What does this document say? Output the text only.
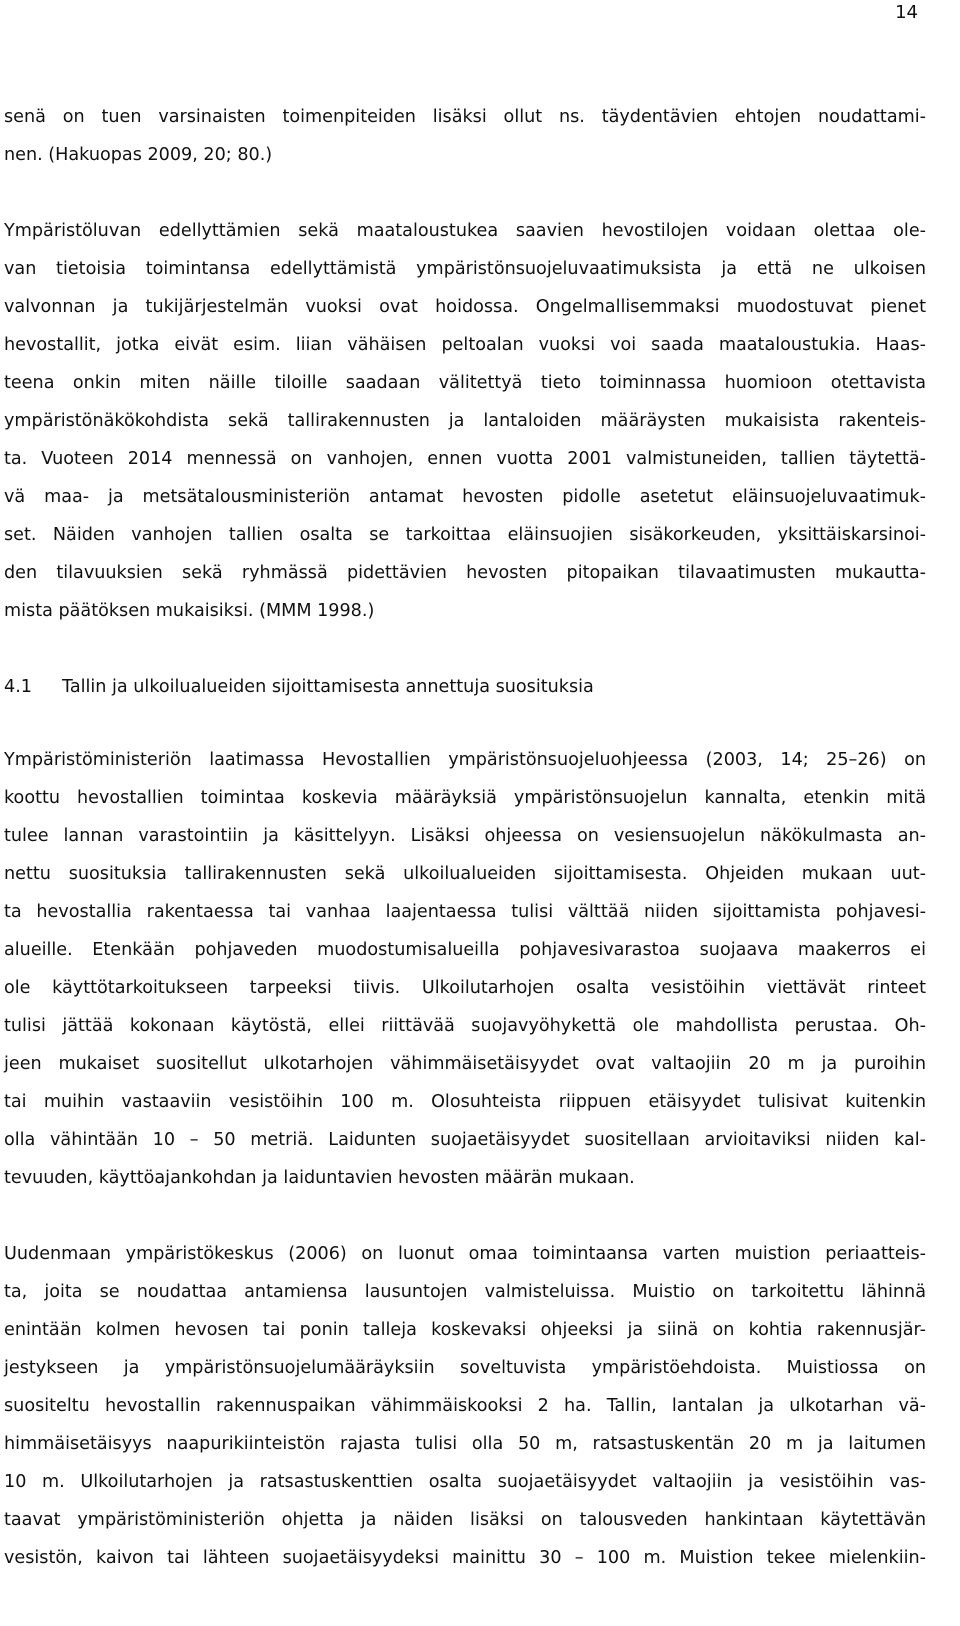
14
senä on tuen varsinaisten toimenpiteiden lisäksi ollut ns. täydentävien ehtojen noudattami-
nen. (Hakuopas 2009, 20; 80.)
Ympäristöluvan edellyttämien sekä maataloustukea saavien hevostilojen voidaan olettaa ole-
van tietoisia toimintansa edellyttämistä ympäristönsuojeluvaatimuksista ja että ne ulkoisen
valvonnan ja tukijärjestelmän vuoksi ovat hoidossa. Ongelmallisemmaksi muodostuvat pienet
hevostallit, jotka eivät esim. liian vähäisen peltoalan vuoksi voi saada maataloustukia. Haas-
teena onkin miten näille tiloille saadaan välitettyä tieto toiminnassa huomioon otettavista
ympäristönäkökohdista sekä tallirakennusten ja lantaloiden määräysten mukaisista rakenteis-
ta. Vuoteen 2014 mennessä on vanhojen, ennen vuotta 2001 valmistuneiden, tallien täytettä-
vä maa- ja metsätalousministeriön antamat hevosten pidolle asetetut eläinsuojeluvaatimuk-
set. Näiden vanhojen tallien osalta se tarkoittaa eläinsuojien sisäkorkeuden, yksittäiskarsinoi-
den tilavuuksien sekä ryhmässä pidettävien hevosten pitopaikan tilavaatimusten mukautta-
mista päätöksen mukaisiksi. (MMM 1998.)
4.1 Tallin ja ulkoilualueiden sijoittamisesta annettuja suosituksia
Ympäristöministeriön laatimassa Hevostallien ympäristönsuojeluohjeessa (2003, 14; 25–26) on
koottu hevostallien toimintaa koskevia määräyksiä ympäristönsuojelun kannalta, etenkin mitä
tulee lannan varastointiin ja käsittelyyn. Lisäksi ohjeessa on vesiensuojelun näkökulmasta an-
nettu suosituksia tallirakennusten sekä ulkoilualueiden sijoittamisesta. Ohjeiden mukaan uut-
ta hevostallia rakentaessa tai vanhaa laajentaessa tulisi välttää niiden sijoittamista pohjavesi-
alueille. Etenkään pohjaveden muodostumisalueilla pohjavesivarastoa suojaava maakerros ei
ole käyttötarkoitukseen tarpeeksi tiivis. Ulkoilutarhojen osalta vesistöihin viettävät rinteet
tulisi jättää kokonaan käytöstä, ellei riittävää suojavyöhykettä ole mahdollista perustaa. Oh-
jeen mukaiset suositellut ulkotarhojen vähimmäisetäisyydet ovat valtaojiin 20 m ja puroihin
tai muihin vastaaviin vesistöihin 100 m. Olosuhteista riippuen etäisyydet tulisivat kuitenkin
olla vähintään 10 – 50 metriä. Laidunten suojaetäisyydet suositellaan arvioitaviksi niiden kal-
tevuuden, käyttöajankohdan ja laiduntavien hevosten määrän mukaan.
Uudenmaan ympäristökeskus (2006) on luonut omaa toimintaansa varten muistion periaatteis-
ta, joita se noudattaa antamiensa lausuntojen valmisteluissa. Muistio on tarkoitettu lähinnä
enintään kolmen hevosen tai ponin talleja koskevaksi ohjeeksi ja siinä on kohtia rakennusjär-
jestykseen ja ympäristönsuojelumääräyksiin soveltuvista ympäristöehdoista. Muistiossa on
suositeltu hevostallin rakennuspaikan vähimmäiskooksi 2 ha. Tallin, lantalan ja ulkotarhan vä-
himmäisetäisyys naapurikiinteistön rajasta tulisi olla 50 m, ratsastuskentän 20 m ja laitumen
10 m. Ulkoilutarhojen ja ratsastuskenttien osalta suojaetäisyydet valtaojiin ja vesistöihin vas-
taavat ympäristöministeriön ohjetta ja näiden lisäksi on talousveden hankintaan käytettävän
vesistön, kaivon tai lähteen suojaetäisyydeksi mainittu 30 – 100 m. Muistion tekee mielenkiin-
